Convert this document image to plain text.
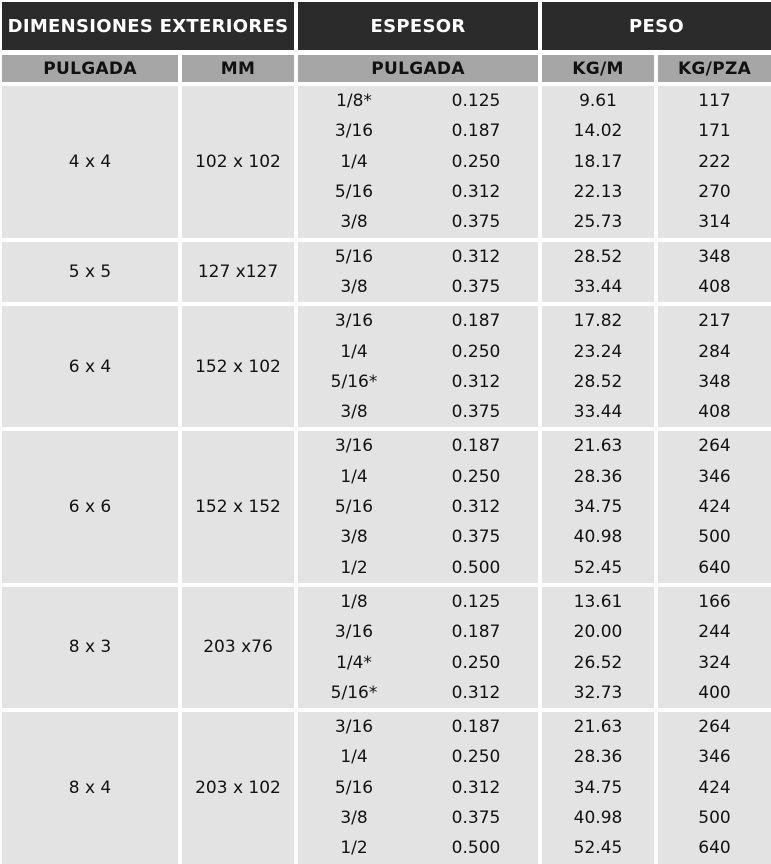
DIMENSIONES EXTERIORES	ESPESOR	PESO
PULGADA	MM	PULGADA	KG/M	KG/PZA
4 x 4	102 x 102
1/8*	0.125	9.61	117
3/16	0.187	14.02	171
1/4	0.250	18.17	222
5/16	0.312	22.13	270
3/8	0.375	25.73	314
5 x 5	127 x127
5/16	0.312	28.52	348
3/8	0.375	33.44	408
6 x 4	152 x 102
3/16	0.187	17.82	217
1/4	0.250	23.24	284
5/16*	0.312	28.52	348
3/8	0.375	33.44	408
6 x 6	152 x 152
3/16	0.187	21.63	264
1/4	0.250	28.36	346
5/16	0.312	34.75	424
3/8	0.375	40.98	500
1/2	0.500	52.45	640
8 x 3	203 x76
1/8	0.125	13.61	166
3/16	0.187	20.00	244
1/4*	0.250	26.52	324
5/16*	0.312	32.73	400
8 x 4	203 x 102
3/16	0.187	21.63	264
1/4	0.250	28.36	346
5/16	0.312	34.75	424
3/8	0.375	40.98	500
1/2	0.500	52.45	640
